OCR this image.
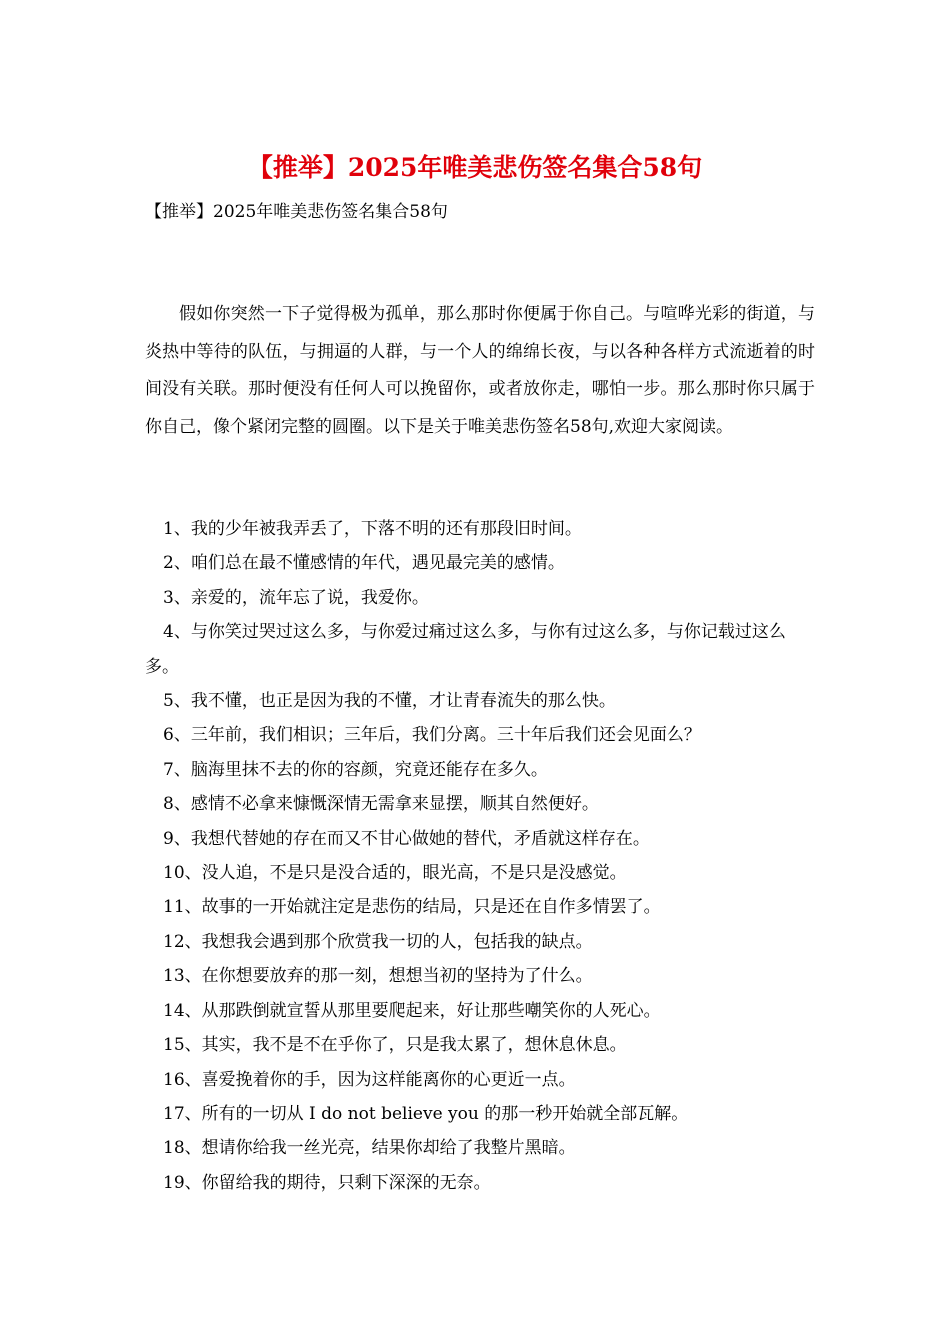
【推举】2025年唯美悲伤签名集合58句
【推举】2025年唯美悲伤签名集合58句

假如你突然一下子觉得极为孤单，那么那时你便属于你自己。与喧哗光彩的街道，与炎热中等待的队伍，与拥逼的人群，与一个人的绵绵长夜，与以各种各样方式流逝着的时间没有关联。那时便没有任何人可以挽留你，或者放你走，哪怕一步。那么那时你只属于你自己，像个紧闭完整的圆圈。以下是关于唯美悲伤签名58句,欢迎大家阅读。

1、我的少年被我弄丢了，下落不明的还有那段旧时间。
2、咱们总在最不懂感情的年代，遇见最完美的感情。
3、亲爱的，流年忘了说，我爱你。
4、与你笑过哭过这么多，与你爱过痛过这么多，与你有过这么多，与你记载过这么多。
5、我不懂，也正是因为我的不懂，才让青春流失的那么快。
6、三年前，我们相识；三年后，我们分离。三十年后我们还会见面么？
7、脑海里抹不去的你的容颜，究竟还能存在多久。
8、感情不必拿来慷慨深情无需拿来显摆，顺其自然便好。
9、我想代替她的存在而又不甘心做她的替代，矛盾就这样存在。
10、没人追，不是只是没合适的，眼光高，不是只是没感觉。
11、故事的一开始就注定是悲伤的结局，只是还在自作多情罢了。
12、我想我会遇到那个欣赏我一切的人，包括我的缺点。
13、在你想要放弃的那一刻，想想当初的坚持为了什么。
14、从那跌倒就宣誓从那里要爬起来，好让那些嘲笑你的人死心。
15、其实，我不是不在乎你了，只是我太累了，想休息休息。
16、喜爱挽着你的手，因为这样能离你的心更近一点。
17、所有的一切从 I do not believe you 的那一秒开始就全部瓦解。
18、想请你给我一丝光亮，结果你却给了我整片黑暗。
19、你留给我的期待，只剩下深深的无奈。
